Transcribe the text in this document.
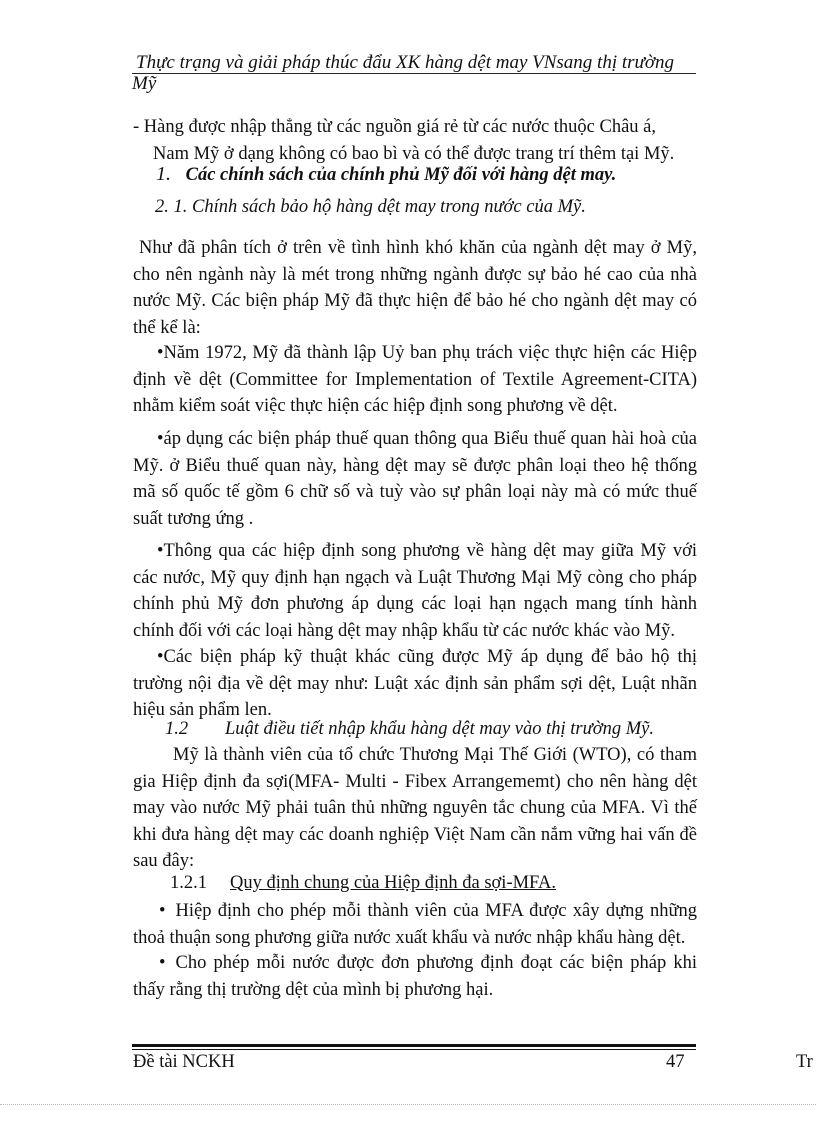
Thực trạng và giải pháp thúc đẩu XK hàng dệt may VNsang thị trường
Mỹ
- Hàng được nhập thẳng từ các nguồn giá rẻ từ các nước thuộc Châu á,
Nam Mỹ ở dạng không có bao bì và có thể được trang trí thêm tại Mỹ.
1. Các chính sách của chính phủ Mỹ đối với hàng dệt may.
2. 1. Chính sách bảo hộ hàng dệt may trong nước của Mỹ.
Như đã phân tích ở trên về tình hình khó khăn của ngành dệt may ở Mỹ, cho nên ngành này là mét trong những ngành được sự bảo hé cao của nhà nước Mỹ. Các biện pháp Mỹ đã thực hiện để bảo hé cho ngành dệt may có thể kể là:
•Năm 1972, Mỹ đã thành lập Uỷ ban phụ trách việc thực hiện các Hiệp định về dệt (Committee for Implementation of Textile Agreement-CITA) nhằm kiểm soát việc thực hiện các hiệp định song phương về dệt.
•áp dụng các biện pháp thuế quan thông qua Biểu thuế quan hài hoà của Mỹ. ở Biểu thuế quan này, hàng dệt may sẽ được phân loại theo hệ thống mã số quốc tế gồm 6 chữ số và tuỳ vào sự phân loại này mà có mức thuế suất tương ứng .
•Thông qua các hiệp định song phương về hàng dệt may giữa Mỹ với các nước, Mỹ quy định hạn ngạch và Luật Thương Mại Mỹ còng cho pháp chính phủ Mỹ đơn phương áp dụng các loại hạn ngạch mang tính hành chính đối với các loại hàng dệt may nhập khẩu từ các nước khác vào Mỹ.
•Các biện pháp kỹ thuật khác cũng được Mỹ áp dụng để bảo hộ thị trường nội địa về dệt may như: Luật xác định sản phẩm sợi dệt, Luật nhãn hiệu sản phẩm len.
1.2 Luật điều tiết nhập khẩu hàng dệt may vào thị trường Mỹ.
Mỹ là thành viên của tổ chức Thương Mại Thế Giới (WTO), có tham gia Hiệp định đa sợi(MFA- Multi - Fibex Arrangememt) cho nên hàng dệt may vào nước Mỹ phải tuân thủ những nguyên tắc chung của MFA. Vì thế khi đưa hàng dệt may các doanh nghiệp Việt Nam cần nắm vững hai vấn đề sau đây:
1.2.1 Quy định chung của Hiệp định đa sợi-MFA.
• Hiệp định cho phép mỗi thành viên của MFA được xây dựng những thoả thuận song phương giữa nước xuất khẩu và nước nhập khẩu hàng dệt.
• Cho phép mỗi nước được đơn phương định đoạt các biện pháp khi thấy rằng thị trường dệt của mình bị phương hại.
Đề tài NCKH	47	Tr
